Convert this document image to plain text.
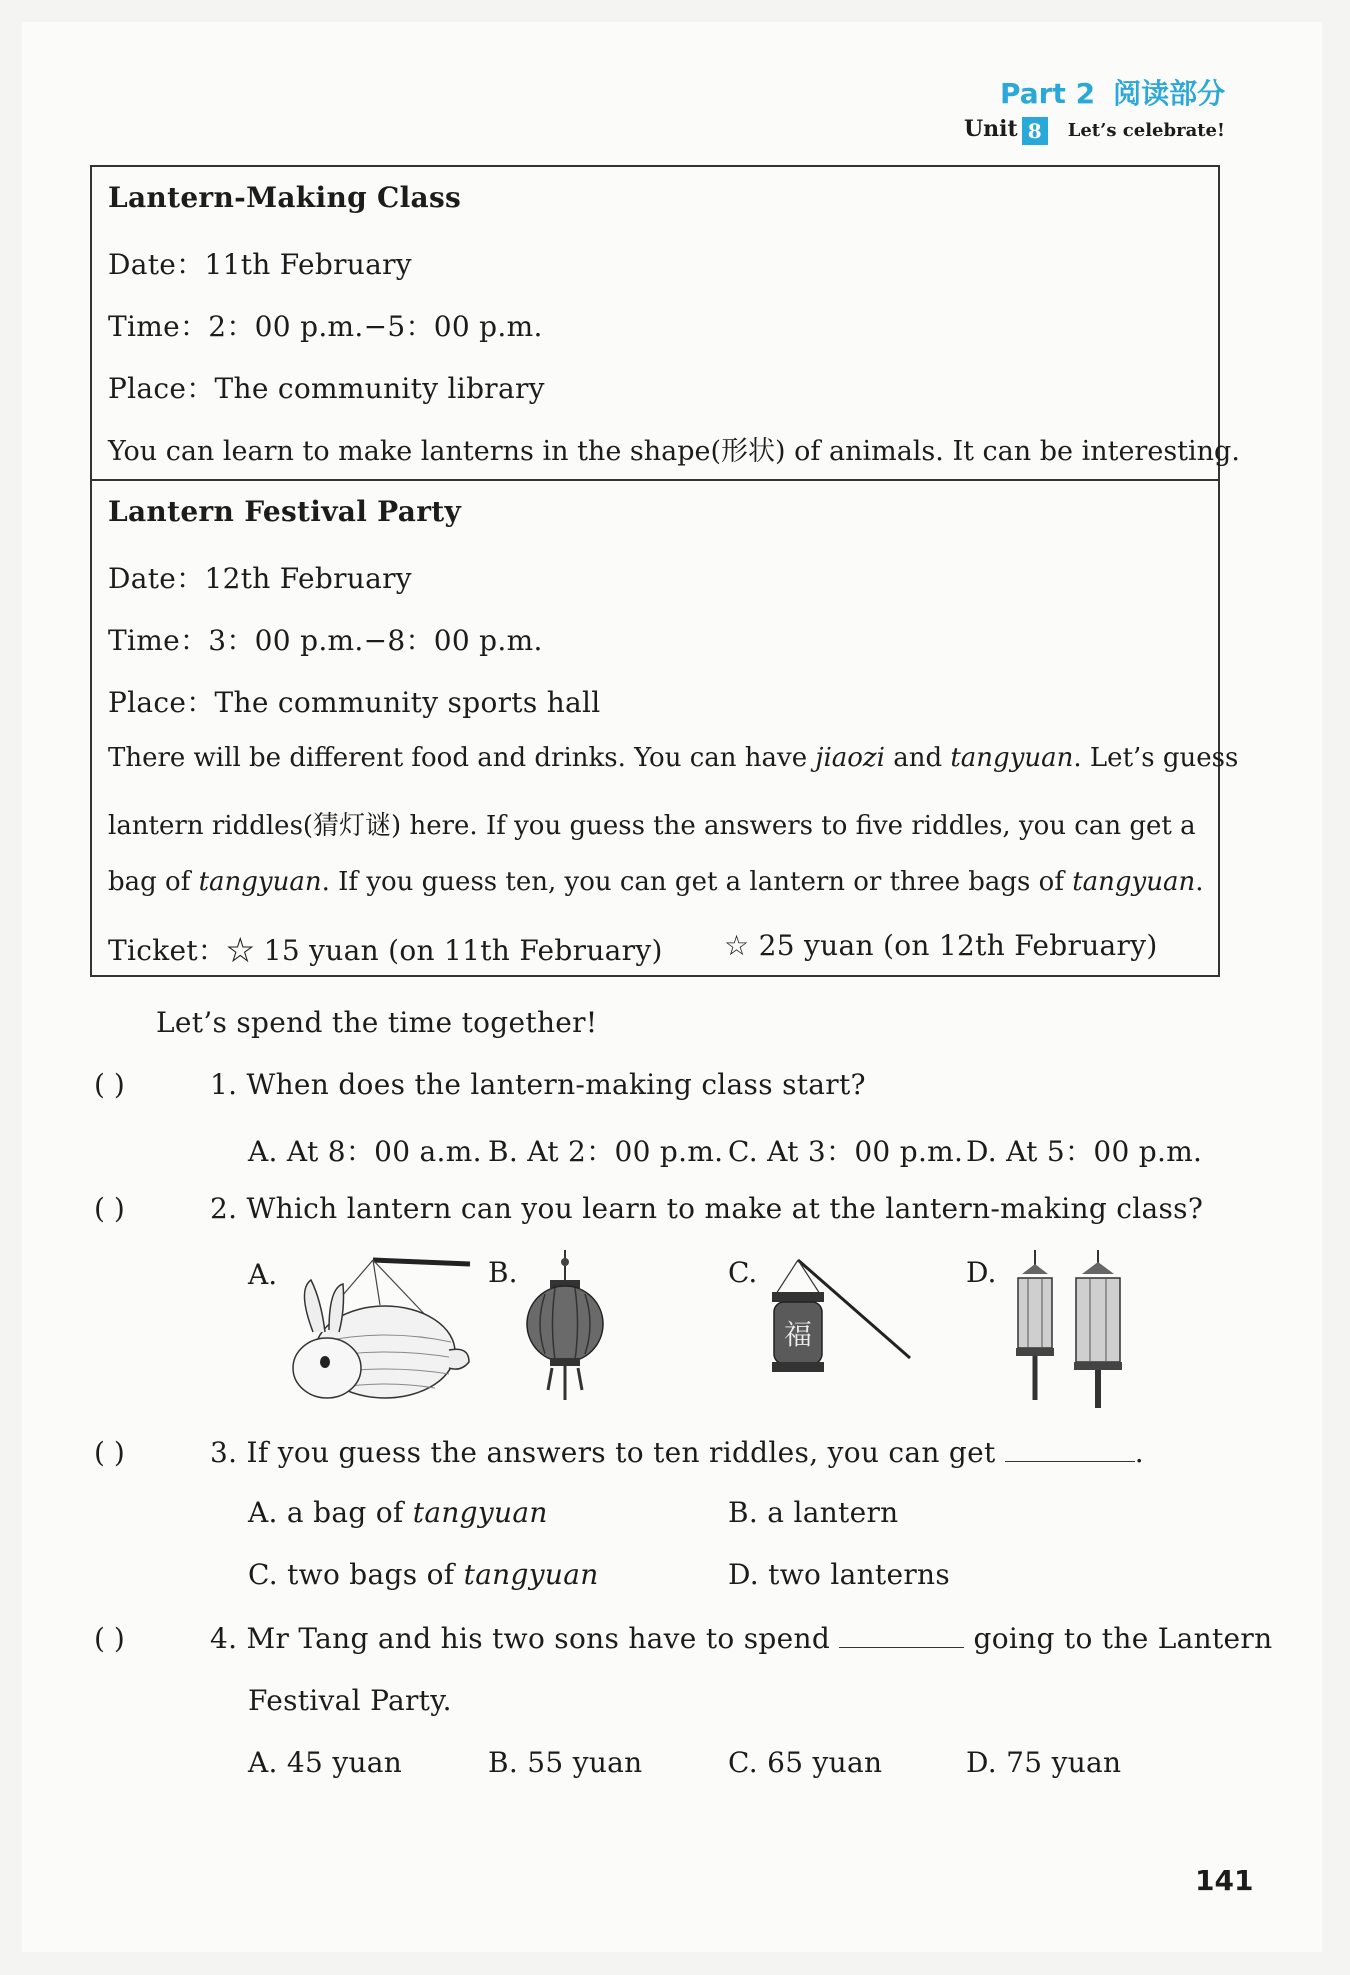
Part 2 阅读部分
Unit 8 Let’s celebrate!
Lantern-Making Class
Date：11th February
Time：2：00 p.m.−5：00 p.m.
Place：The community library
You can learn to make lanterns in the shape(形状) of animals. It can be interesting.
Lantern Festival Party
Date：12th February
Time：3：00 p.m.−8：00 p.m.
Place：The community sports hall
There will be different food and drinks. You can have jiaozi and tangyuan. Let’s guess
lantern riddles(猜灯谜) here. If you guess the answers to five riddles, you can get a
bag of tangyuan. If you guess ten, you can get a lantern or three bags of tangyuan.
Ticket：☆ 15 yuan (on 11th February) ☆ 25 yuan (on 12th February)
Let’s spend the time together!
( )	1. When does the lantern-making class start?
A. At 8：00 a.m. B. At 2：00 p.m. C. At 3：00 p.m. D. At 5：00 p.m.
( )	2. Which lantern can you learn to make at the lantern-making class?
A.	B.	C.	D.
福
( )	3. If you guess the answers to ten riddles, you can get	.
A. a bag of tangyuan	B. a lantern
C. two bags of tangyuan	D. two lanterns
( )	4. Mr Tang and his two sons have to spend	going to the Lantern
Festival Party.
A. 45 yuan	B. 55 yuan	C. 65 yuan	D. 75 yuan
141
